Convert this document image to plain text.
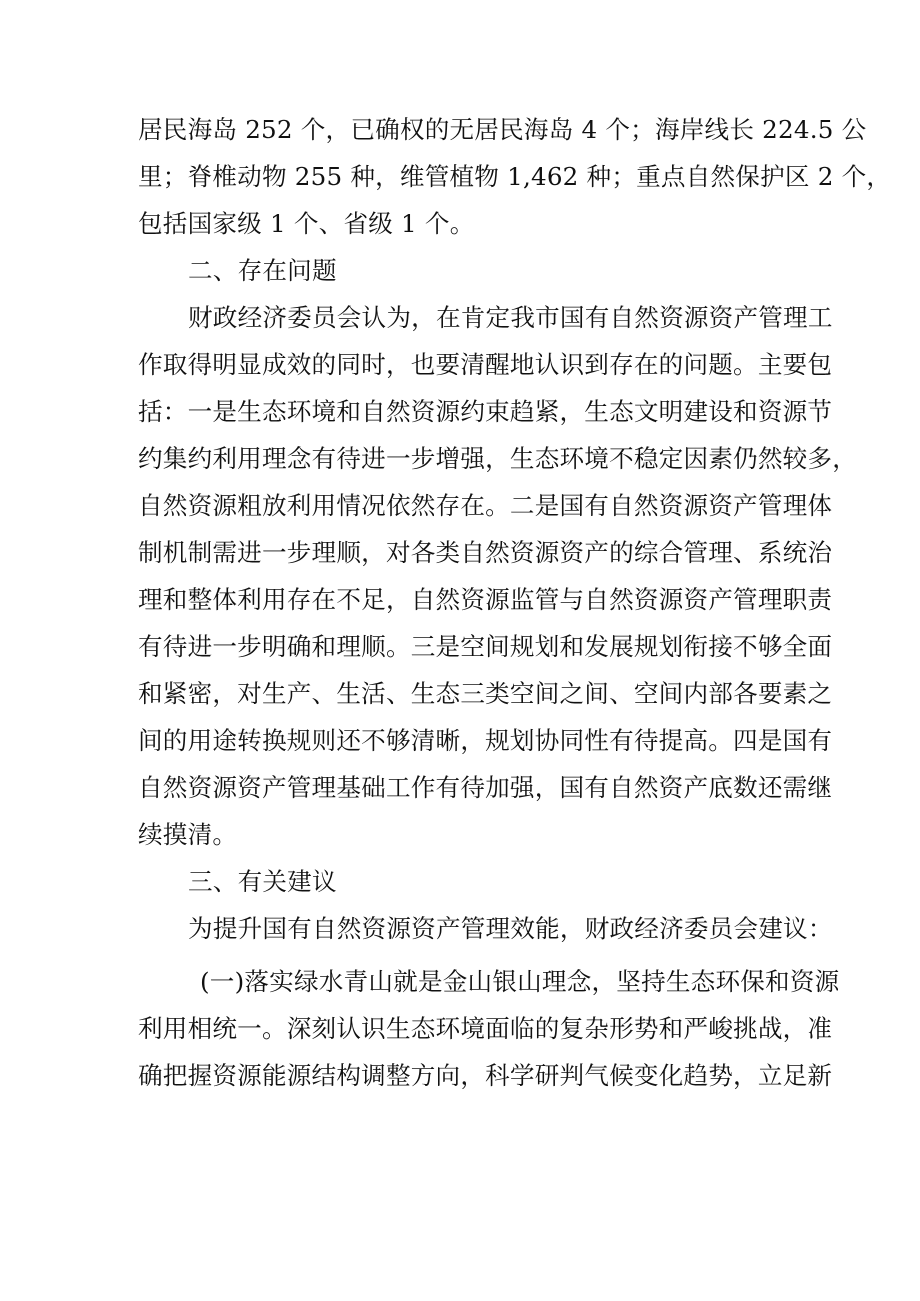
居民海岛 252 个，已确权的无居民海岛 4 个；海岸线长 224.5 公
里；脊椎动物 255 种，维管植物 1,462 种；重点自然保护区 2 个，
包括国家级 1 个、省级 1 个。
二、存在问题
财政经济委员会认为，在肯定我市国有自然资源资产管理工
作取得明显成效的同时，也要清醒地认识到存在的问题。主要包
括：一是生态环境和自然资源约束趋紧，生态文明建设和资源节
约集约利用理念有待进一步增强，生态环境不稳定因素仍然较多，
自然资源粗放利用情况依然存在。二是国有自然资源资产管理体
制机制需进一步理顺，对各类自然资源资产的综合管理、系统治
理和整体利用存在不足，自然资源监管与自然资源资产管理职责
有待进一步明确和理顺。三是空间规划和发展规划衔接不够全面
和紧密，对生产、生活、生态三类空间之间、空间内部各要素之
间的用途转换规则还不够清晰，规划协同性有待提高。四是国有
自然资源资产管理基础工作有待加强，国有自然资产底数还需继
续摸清。
三、有关建议
为提升国有自然资源资产管理效能，财政经济委员会建议：
(一)落实绿水青山就是金山银山理念，坚持生态环保和资源
利用相统一。深刻认识生态环境面临的复杂形势和严峻挑战，准
确把握资源能源结构调整方向，科学研判气候变化趋势，立足新
